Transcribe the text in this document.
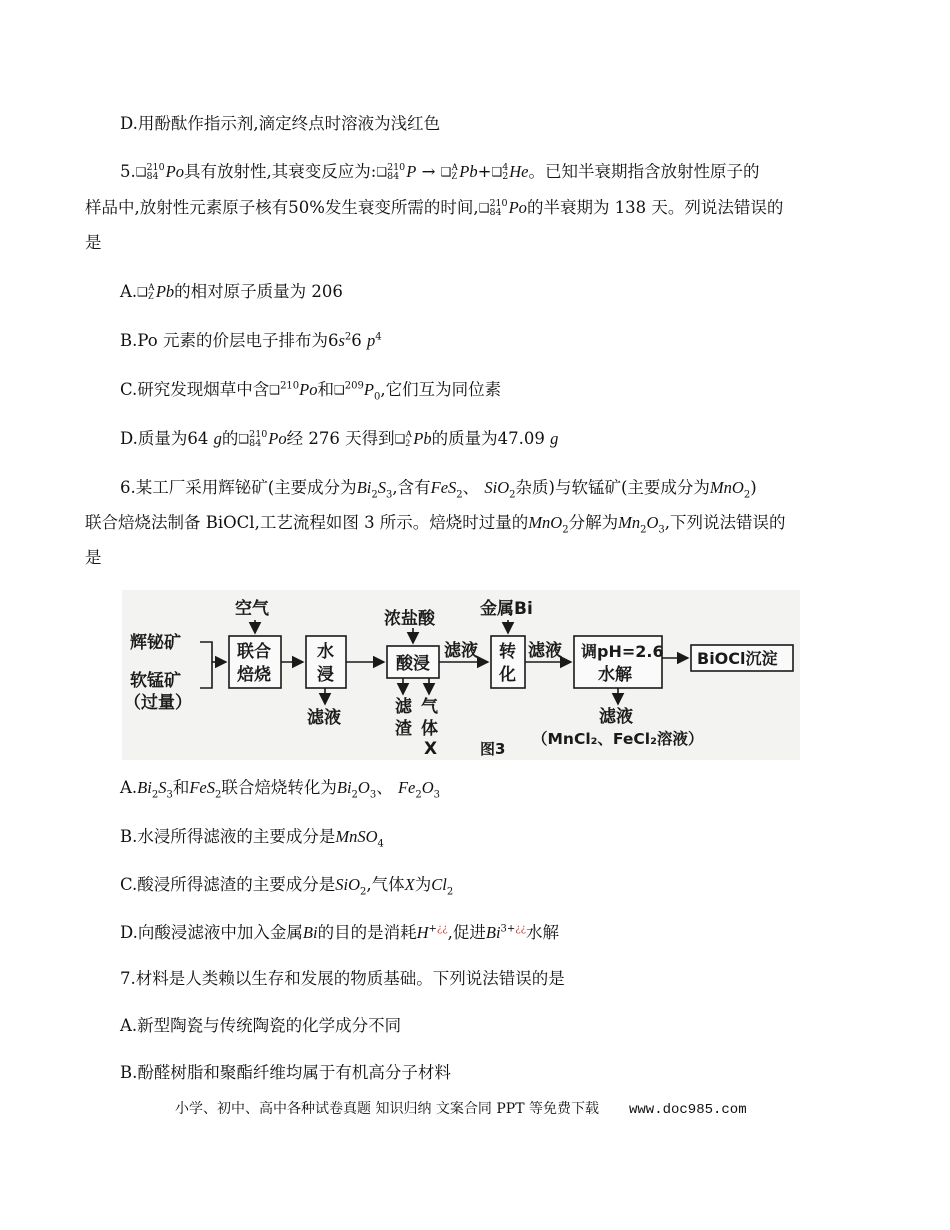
D.用酚酞作指示剂,滴定终点时溶液为浅红色
5.❑ 210
84 Po具有放射性,其衰变反应为:❑ 210
84 P → ❑ A
Z Pb+❑ 4
2 He。已知半衰期指含放射性原子的
样品中,放射性元素原子核有50%发生衰变所需的时间,❑ 210
84 Po的半衰期为 138 天。列说法错误的
是
A.❑ A
Z Pb的相对原子质量为 206
B.Po 元素的价层电子排布为$6s^26$ $p^4$
C.研究发现烟草中含❑$^{210}$Po和$❑^{209}P_0$,它们互为同位素
D.质量为64 g的❑ 210
84 Po经 276 天得到❑ A
2 Pb的质量为47.09 g
6.某工厂采用辉铋矿(主要成分为$Bi_2S_3$,含有FeS$_2$、 SiO$_2$杂质)与软锰矿(主要成分为MnO$_2$)
联合焙烧法制备 BiOCl,工艺流程如图 3 所示。焙烧时过量的MnO$_2$分解为$Mn_2O_3$,下列说法错误的
是
辉铋矿
软锰矿
（过量）
空气
联合
焙烧
水
浸
滤液
浓盐酸
酸浸
滤
渣
气
体
X
滤液
金属Bi
转
化
滤液 调pH=2.6
水解
滤液
（MnCl₂、FeCl₂溶液）
BiOCl沉淀
图3
$A.Bi_2S_3$和FeS$_2$联合焙烧转化为$Bi_2O_3$、 $Fe_2O_3$
B.水浸所得滤液的主要成分是MnSO$_4$
C.酸浸所得滤渣的主要成分是SiO$_2$,气体X为$Cl_2$
D.向酸浸滤液中加入金属Bi的目的是消耗H+¿¿,促进$Bi^{3+¿¿}$水解
7.材料是人类赖以生存和发展的物质基础。下列说法错误的是
A.新型陶瓷与传统陶瓷的化学成分不同
B.酚醛树脂和聚酯纤维均属于有机高分子材料
小学、初中、高中各种试卷真题 知识归纳 文案合同 PPT 等免费下载 www.doc985.com
